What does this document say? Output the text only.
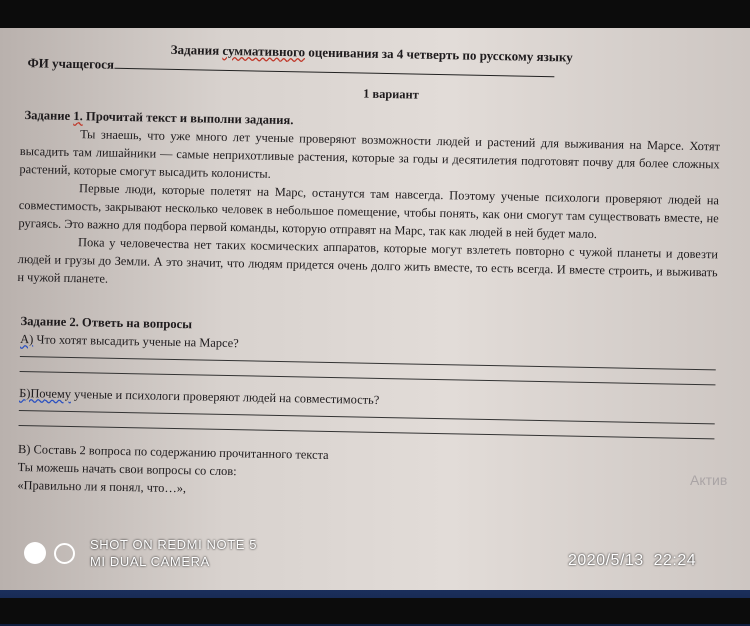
Задания суммативного оценивания за 4 четверть по русскому языку

ФИ учащегося

1 вариант

Задание 1. Прочитай текст и выполни задания.

Ты знаешь, что уже много лет ученые проверяют возможности людей и растений для выживания на Марсе. Хотят высадить там лишайники — самые неприхотливые растения, которые за годы и десятилетия подготовят почву для более сложных растений, которые смогут высадить колонисты.

Первые люди, которые полетят на Марс, останутся там навсегда. Поэтому ученые психологи проверяют людей на совместимость, закрывают несколько человек в небольшое помещение, чтобы понять, как они смогут там существовать вместе, не ругаясь. Это важно для подбора первой команды, которую отправят на Марс, так как людей в ней будет мало.

Пока у человечества нет таких космических аппаратов, которые могут взлететь повторно с чужой планеты и довезти людей и грузы до Земли. А это значит, что людям придется очень долго жить вместе, то есть всегда. И вместе строить, и выживать н чужой планете.

Задание 2. Ответь на вопросы

А) Что хотят высадить ученые на Марсе?

Б)Почему ученые и психологи проверяют людей на совместимость?

В) Составь 2 вопроса по содержанию прочитанного текста

Ты можешь начать свои вопросы со слов:

«Правильно ли я понял, что…»,	Актив
SHOT ON REDMI NOTE 5
MI DUAL CAMERA	2020/5/13  22:24
